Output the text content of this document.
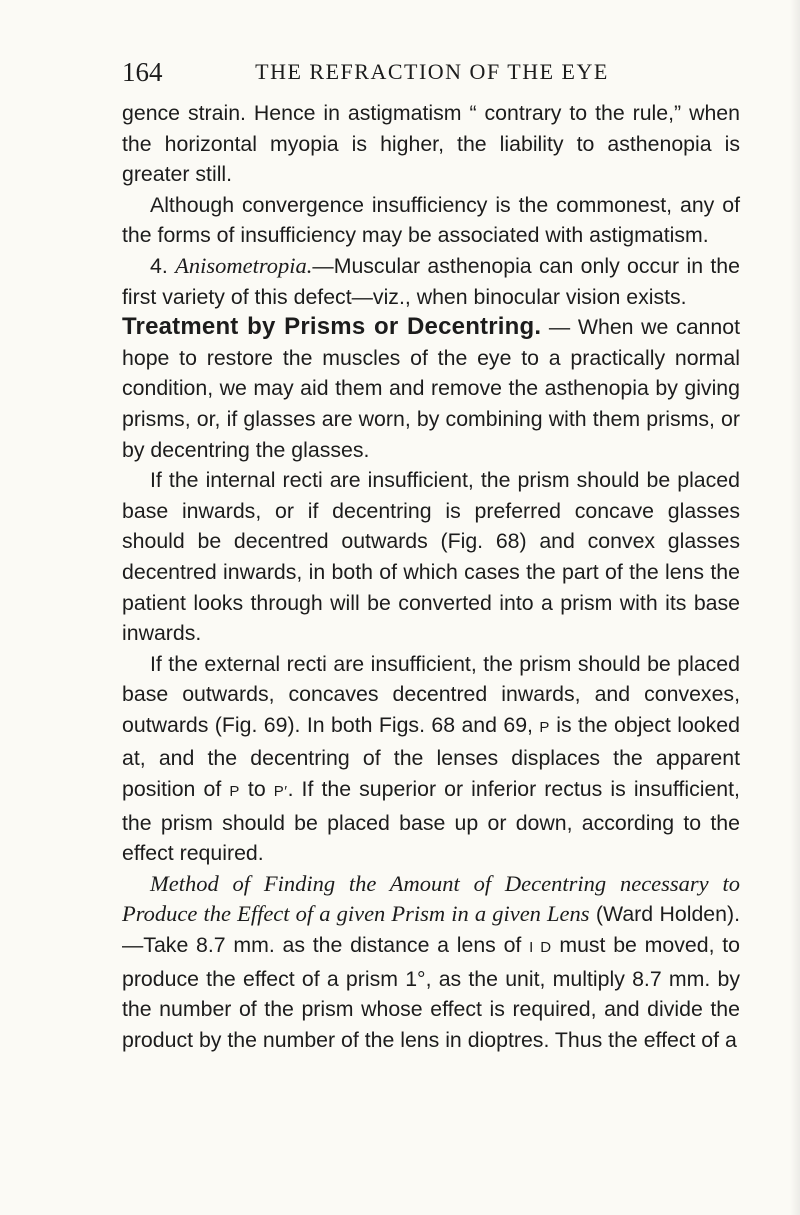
164	THE REFRACTION OF THE EYE

gence strain. Hence in astigmatism “ contrary to the rule,” when the horizontal myopia is higher, the liability to asthenopia is greater still.

Although convergence insufficiency is the commonest, any of the forms of insufficiency may be associated with astigmatism.

4. Anisometropia.—Muscular asthenopia can only occur in the first variety of this defect—viz., when binocular vision exists.

Treatment by Prisms or Decentring. — When we cannot hope to restore the muscles of the eye to a practically normal condition, we may aid them and remove the asthenopia by giving prisms, or, if glasses are worn, by combining with them prisms, or by decentring the glasses.

If the internal recti are insufficient, the prism should be placed base inwards, or if decentring is preferred concave glasses should be decentred outwards (Fig. 68) and convex glasses decentred inwards, in both of which cases the part of the lens the patient looks through will be converted into a prism with its base inwards.

If the external recti are insufficient, the prism should be placed base outwards, concaves decentred inwards, and convexes, outwards (Fig. 69). In both Figs. 68 and 69, P is the object looked at, and the decentring of the lenses displaces the apparent position of P to P′. If the superior or inferior rectus is insufficient, the prism should be placed base up or down, according to the effect required.

Method of Finding the Amount of Decentring necessary to Produce the Effect of a given Prism in a given Lens (Ward Holden).—Take 8.7 mm. as the distance a lens of I D must be moved, to produce the effect of a prism 1°, as the unit, multiply 8.7 mm. by the number of the prism whose effect is required, and divide the product by the number of the lens in dioptres. Thus the effect of a
